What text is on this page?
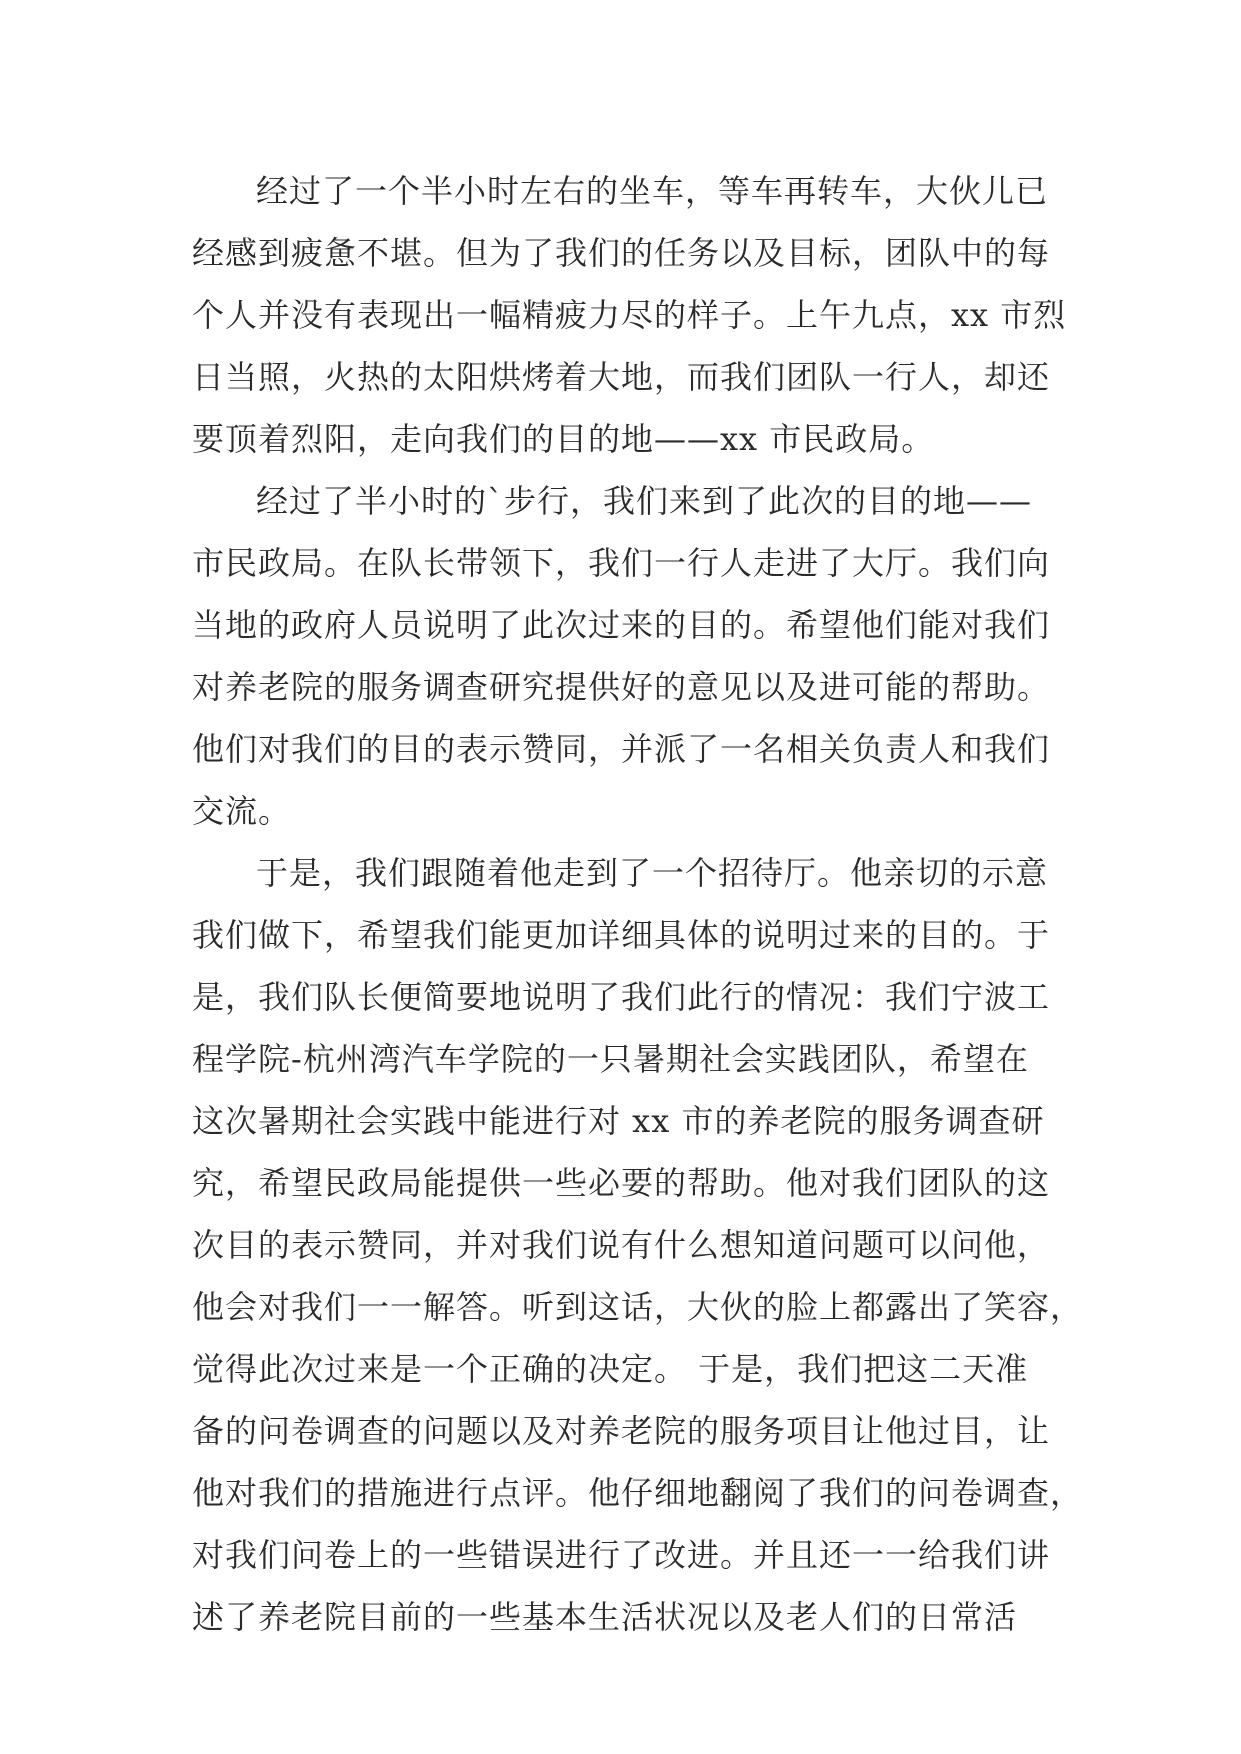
经过了一个半小时左右的坐车，等车再转车，大伙儿已
经感到疲惫不堪。但为了我们的任务以及目标，团队中的每
个人并没有表现出一幅精疲力尽的样子。上午九点，xx 市烈
日当照，火热的太阳烘烤着大地，而我们团队一行人，却还
要顶着烈阳，走向我们的目的地——xx 市民政局。
经过了半小时的`步行，我们来到了此次的目的地——
市民政局。在队长带领下，我们一行人走进了大厅。我们向
当地的政府人员说明了此次过来的目的。希望他们能对我们
对养老院的服务调查研究提供好的意见以及进可能的帮助。
他们对我们的目的表示赞同，并派了一名相关负责人和我们
交流。
于是，我们跟随着他走到了一个招待厅。他亲切的示意
我们做下，希望我们能更加详细具体的说明过来的目的。于
是，我们队长便简要地说明了我们此行的情况：我们宁波工
程学院-杭州湾汽车学院的一只暑期社会实践团队，希望在
这次暑期社会实践中能进行对 xx 市的养老院的服务调查研
究，希望民政局能提供一些必要的帮助。他对我们团队的这
次目的表示赞同，并对我们说有什么想知道问题可以问他，
他会对我们一一解答。听到这话，大伙的脸上都露出了笑容，
觉得此次过来是一个正确的决定。 于是，我们把这二天准
备的问卷调查的问题以及对养老院的服务项目让他过目，让
他对我们的措施进行点评。他仔细地翻阅了我们的问卷调查，
对我们问卷上的一些错误进行了改进。并且还一一给我们讲
述了养老院目前的一些基本生活状况以及老人们的日常活
